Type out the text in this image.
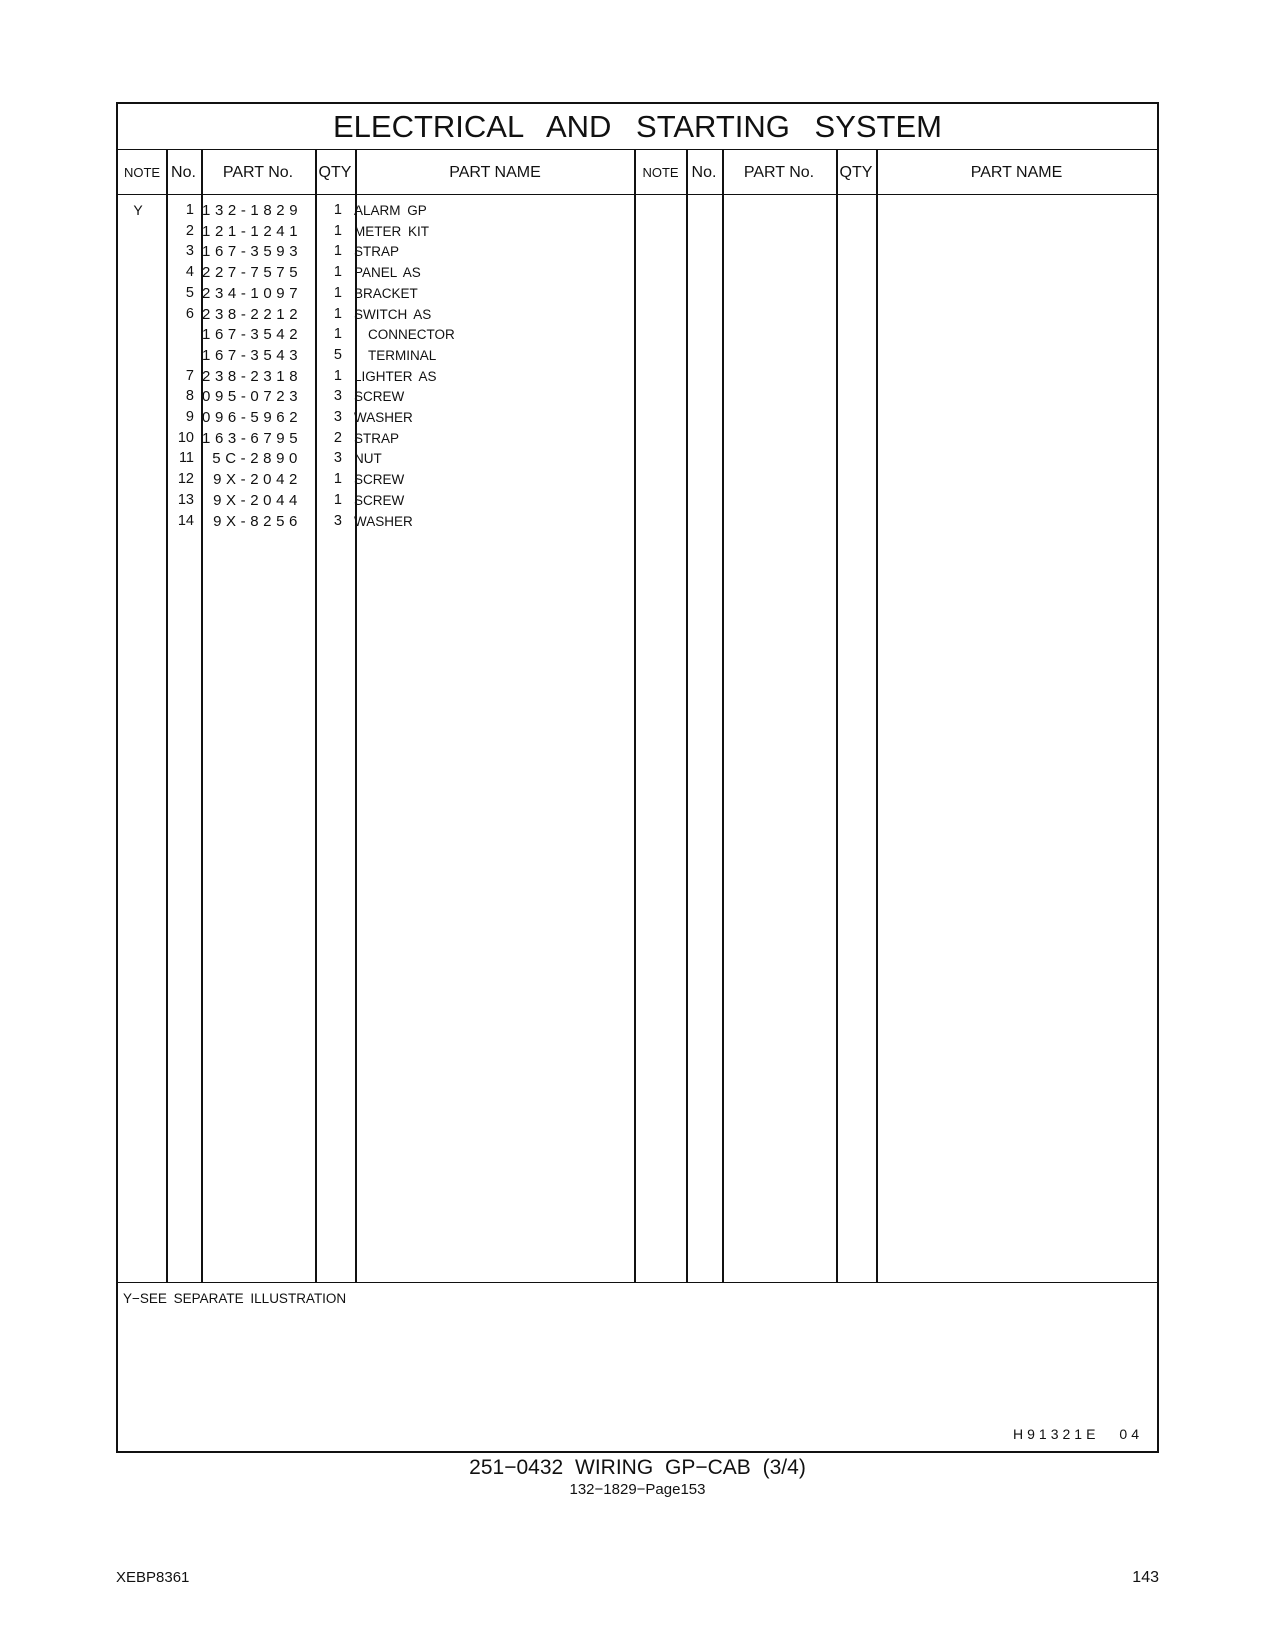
ELECTRICAL AND STARTING SYSTEM
NOTE No.	PART No.	QTY	PART NAME	NOTE No.	PART No.	QTY	PART NAME
Y	1 132-1829	1 ALARM GP
2 121-1241	1 METER KIT
3 167-3593	1 STRAP
4 227-7575	1 PANEL AS
5 234-1097	1 BRACKET
6 238-2212	1 SWITCH AS
167-3542	1 CONNECTOR
167-3543	5 TERMINAL
7 238-2318	1 LIGHTER AS
8 095-0723	3 SCREW
9 096-5962	3 WASHER
10 163-6795	2 STRAP
11	5C-2890	3 NUT
12	9X-2042	1 SCREW
13	9X-2044	1 SCREW
14	9X-8256	3 WASHER
Y−SEE SEPARATE ILLUSTRATION
H91321E 04
251−0432 WIRING GP−CAB (3/4)
132−1829−Page153
XEBP8361	143
